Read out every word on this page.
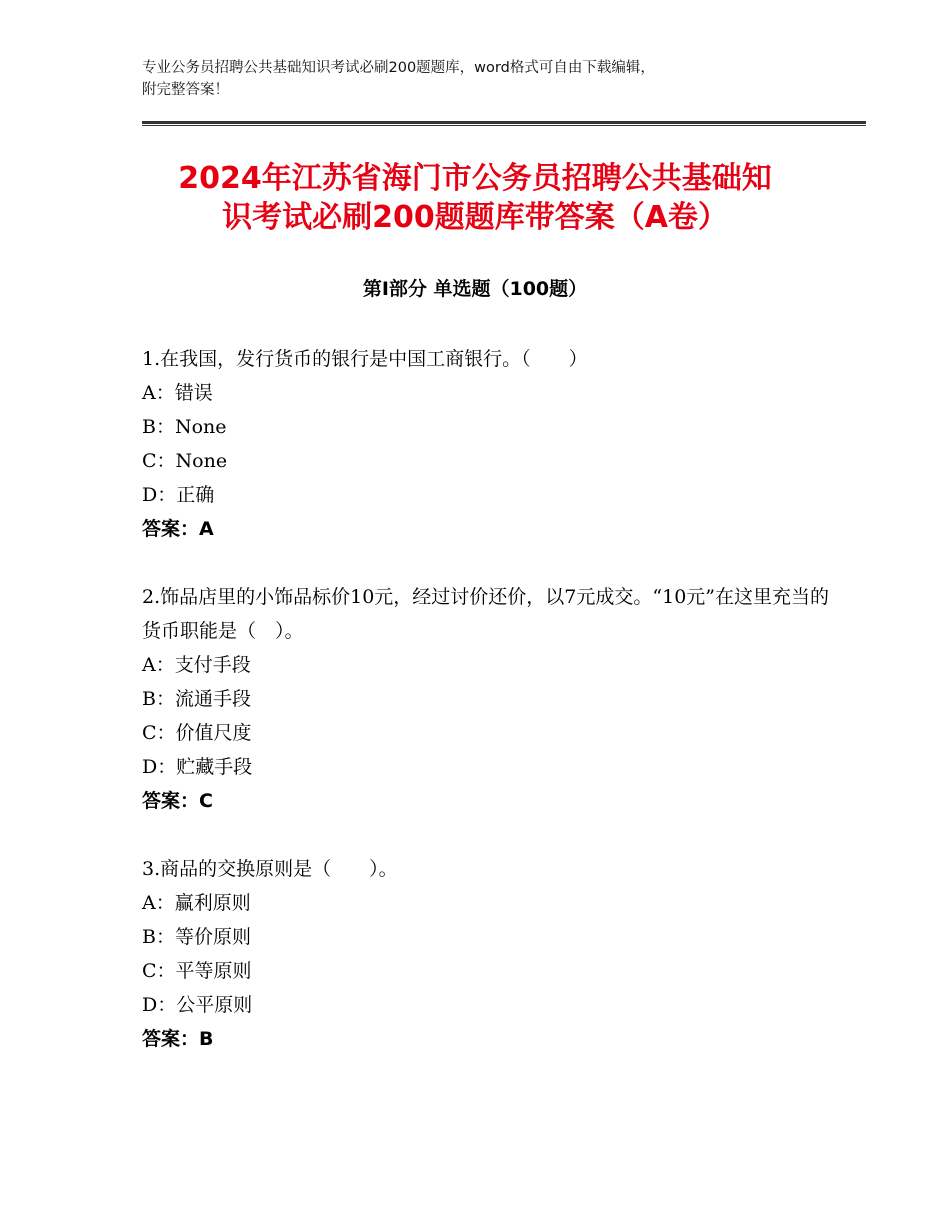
专业公务员招聘公共基础知识考试必刷200题题库，word格式可自由下载编辑，
附完整答案！
2024年江苏省海门市公务员招聘公共基础知
识考试必刷200题题库带答案（A卷）
第Ⅰ部分 单选题（100题）
1.在我国，发行货币的银行是中国工商银行。（　　）
A：错误
B：None
C：None
D：正确
答案：A
2.饰品店里的小饰品标价10元，经过讨价还价，以7元成交。“10元”在这里充当的货币职能是（　）。
A：支付手段
B：流通手段
C：价值尺度
D：贮藏手段
答案：C
3.商品的交换原则是（　　）。
A：赢利原则
B：等价原则
C：平等原则
D：公平原则
答案：B
